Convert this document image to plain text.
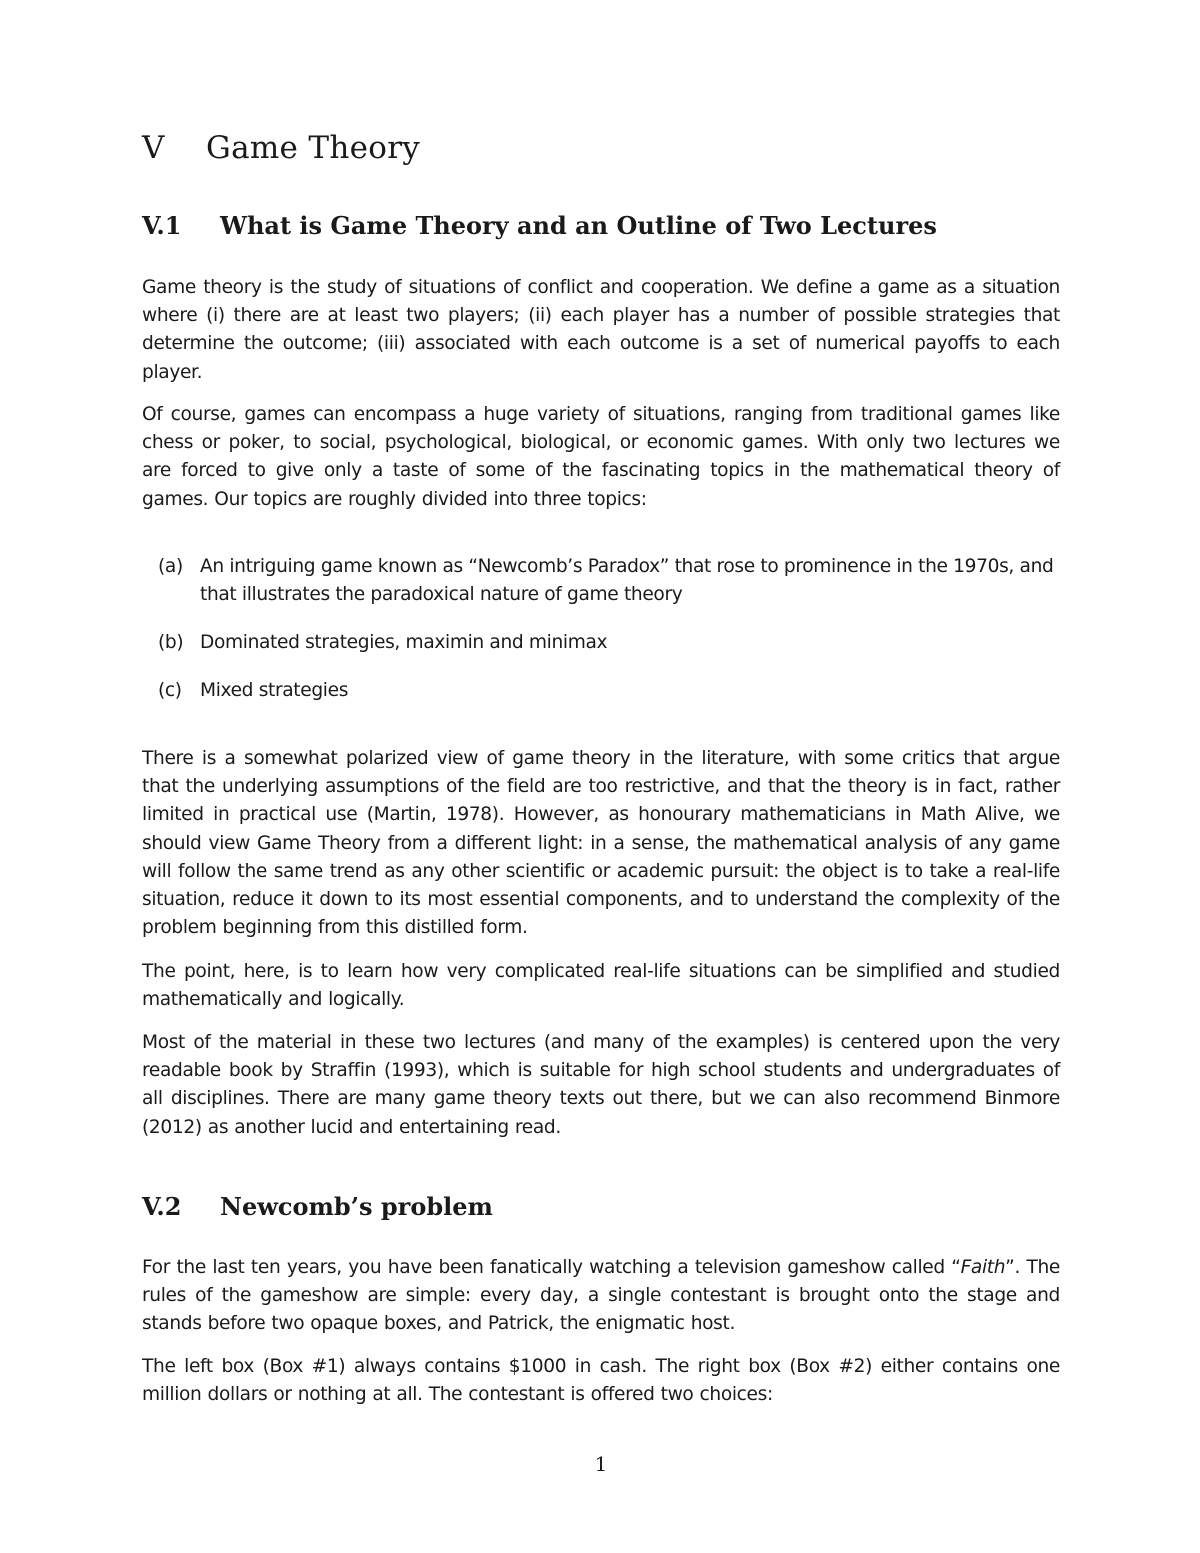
V Game Theory
V.1 What is Game Theory and an Outline of Two Lectures

Game theory is the study of situations of conflict and cooperation. We define a game as a situation where (i) there are at least two players; (ii) each player has a number of possible strategies that determine the outcome; (iii) associated with each outcome is a set of numerical payoffs to each player.

Of course, games can encompass a huge variety of situations, ranging from traditional games like chess or poker, to social, psychological, biological, or economic games. With only two lectures we are forced to give only a taste of some of the fascinating topics in the mathematical theory of games. Our topics are roughly divided into three topics:

(a) An intriguing game known as “Newcomb’s Paradox” that rose to prominence in the 1970s, and that illustrates the paradoxical nature of game theory
(b) Dominated strategies, maximin and minimax
(c) Mixed strategies

There is a somewhat polarized view of game theory in the literature, with some critics that argue that the underlying assumptions of the field are too restrictive, and that the theory is in fact, rather limited in practical use (Martin, 1978). However, as honourary mathematicians in Math Alive, we should view Game Theory from a different light: in a sense, the mathematical analysis of any game will follow the same trend as any other scientific or academic pursuit: the object is to take a real-life situation, reduce it down to its most essential components, and to understand the complexity of the problem beginning from this distilled form.

The point, here, is to learn how very complicated real-life situations can be simplified and studied mathematically and logically.

Most of the material in these two lectures (and many of the examples) is centered upon the very readable book by Straffin (1993), which is suitable for high school students and undergraduates of all disciplines. There are many game theory texts out there, but we can also recommend Binmore (2012) as another lucid and entertaining read.

V.2 Newcomb’s problem

For the last ten years, you have been fanatically watching a television gameshow called “Faith”. The rules of the gameshow are simple: every day, a single contestant is brought onto the stage and stands before two opaque boxes, and Patrick, the enigmatic host.

The left box (Box #1) always contains $1000 in cash. The right box (Box #2) either contains one million dollars or nothing at all. The contestant is offered two choices:

1
